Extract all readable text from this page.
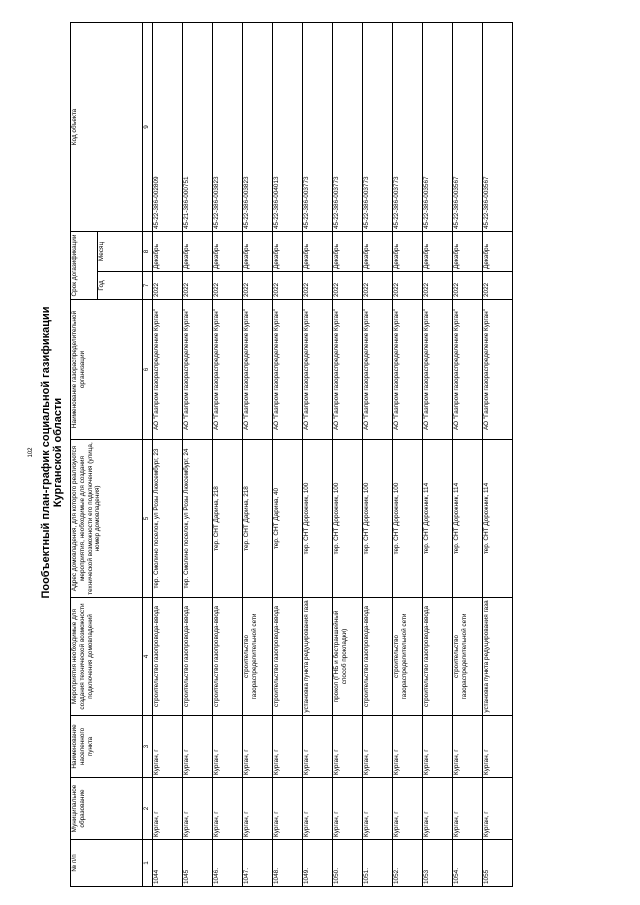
102 Пообъектный план-график социальной газификации Курганской области
№ п/п	Муниципальное образование	Наименование населенного пункта	Мероприятия необходимые для создания технической возможности подключения домовладений	Адрес домовладения, для которого реализуются мероприятия, необходимые для создания технической возможности его подключения (улица, номер домовладения)	Наименование газораспределительной организации	Срок догазификации		Код объекта
						Год	Месяц	
1	2	3	4	5	6	7	8	9
1044	Курган, г	Курган, г	строительство газопровода-ввода	тер. Смолино поселок, ул Розы Люксембург, 23	АО "Газпром газораспределение Курган"	2022	Декабрь	45-22-386-002809
1045	Курган, г	Курган, г	строительство газопровода-ввода	тер. Смолино поселок, ул Розы Люксембург, 24	АО "Газпром газораспределение Курган"	2022	Декабрь	45-21-386-000751
1046.	Курган, г	Курган, г	строительство газопровода-ввода	тер. СНТ Дарина, 218	АО "Газпром газораспределение Курган"	2022	Декабрь	45-22-386-003823
1047.	Курган, г	Курган, г	строительство газораспределительной сети	тер. СНТ Дарина, 218	АО "Газпром газораспределение Курган"	2022	Декабрь	45-22-386-003823
1048.	Курган, г	Курган, г	строительство газопровода-ввода	тер. СНТ Дарина, 40	АО "Газпром газораспределение Курган"	2022	Декабрь	45-22-386-004013
1049.	Курган, г	Курган, г	установка пункта редуцирования газа	тер. СНТ Дорожник, 100	АО "Газпром газораспределение Курган"	2022	Декабрь	45-22-386-003773
1050.	Курган, г	Курган, г	прокол (ГНБ и бестраншейный способ прокладки)	тер. СНТ Дорожник, 100	АО "Газпром газораспределение Курган"	2022	Декабрь	45-22-386-003773
1051.	Курган, г	Курган, г	строительство газопровода-ввода	тер. СНТ Дорожник, 100	АО "Газпром газораспределение Курган"	2022	Декабрь	45-22-386-003773
1052.	Курган, г	Курган, г	строительство газораспределительной сети	тер. СНТ Дорожник, 100	АО "Газпром газораспределение Курган"	2022	Декабрь	45-22-386-003773
1053	Курган, г	Курган, г	строительство газопровода-ввода	тер. СНТ Дорожник, 114	АО "Газпром газораспределение Курган"	2022	Декабрь	45-22-386-003567
1054.	Курган, г	Курган, г	строительство газораспределительной сети	тер. СНТ Дорожник, 114	АО "Газпром газораспределение Курган"	2022	Декабрь	45-22-386-003567
1055	Курган, г	Курган, г	установка пункта редуцирования газа	тер. СНТ Дорожник, 114	АО "Газпром газораспределение Курган"	2022	Декабрь	45-22-386-003567
